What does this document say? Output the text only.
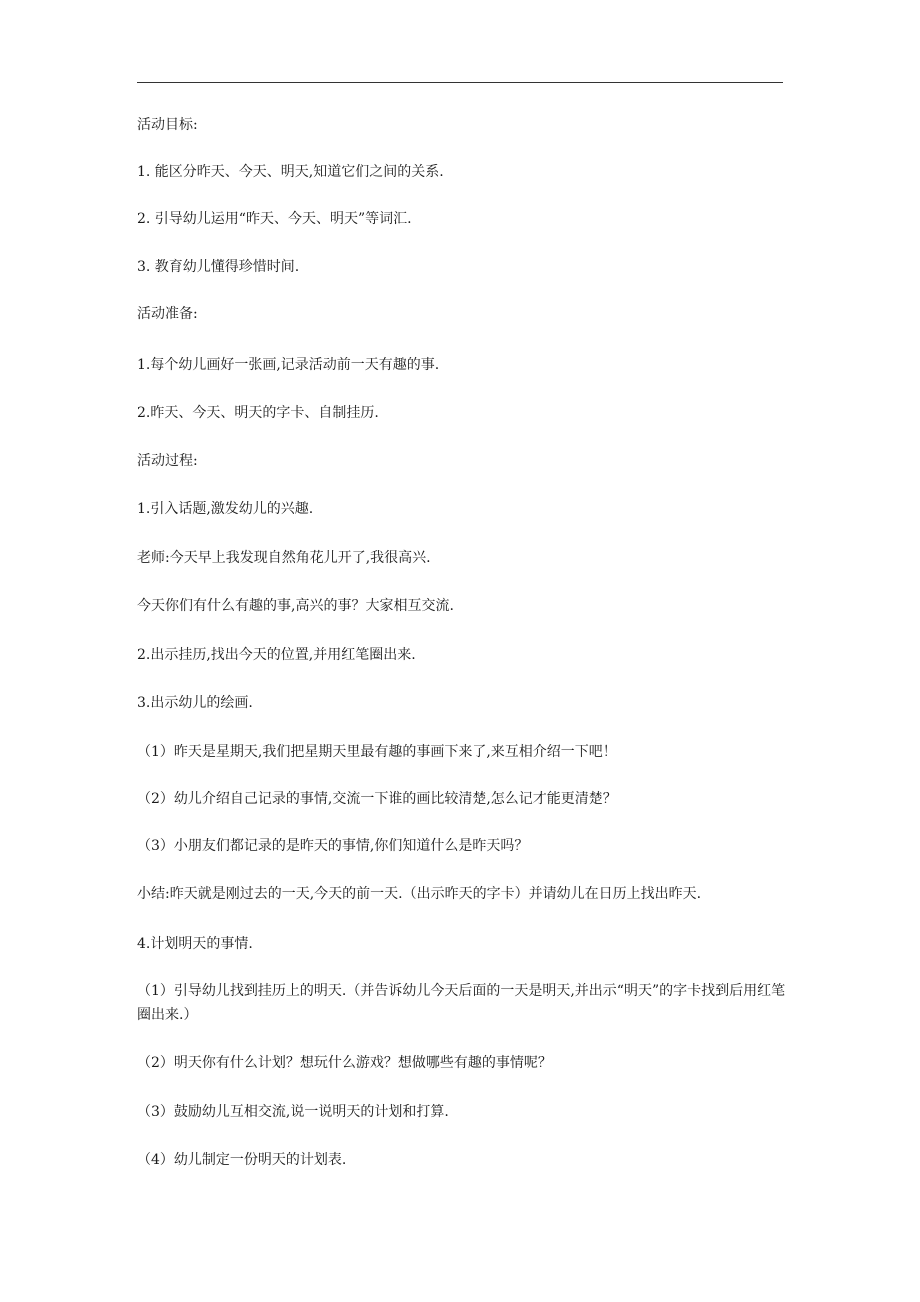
活动目标:
1. 能区分昨天、今天、明天,知道它们之间的关系.
2. 引导幼儿运用“昨天、今天、明天”等词汇.
3. 教育幼儿懂得珍惜时间.
活动准备:
1.每个幼儿画好一张画,记录活动前一天有趣的事.
2.昨天、今天、明天的字卡、自制挂历.
活动过程:
1.引入话题,激发幼儿的兴趣.
老师:今天早上我发现自然角花儿开了,我很高兴.
今天你们有什么有趣的事,高兴的事？大家相互交流.
2.出示挂历,找出今天的位置,并用红笔圈出来.
3.出示幼儿的绘画.
（1）昨天是星期天,我们把星期天里最有趣的事画下来了,来互相介绍一下吧！
（2）幼儿介绍自己记录的事情,交流一下谁的画比较清楚,怎么记才能更清楚？
（3）小朋友们都记录的是昨天的事情,你们知道什么是昨天吗？
小结:昨天就是刚过去的一天,今天的前一天.（出示昨天的字卡）并请幼儿在日历上找出昨天.
4.计划明天的事情.
（1）引导幼儿找到挂历上的明天.（并告诉幼儿今天后面的一天是明天,并出示“明天”的字卡找到后用红笔圈出来.）
（2）明天你有什么计划？想玩什么游戏？想做哪些有趣的事情呢？
（3）鼓励幼儿互相交流,说一说明天的计划和打算.
（4）幼儿制定一份明天的计划表.
